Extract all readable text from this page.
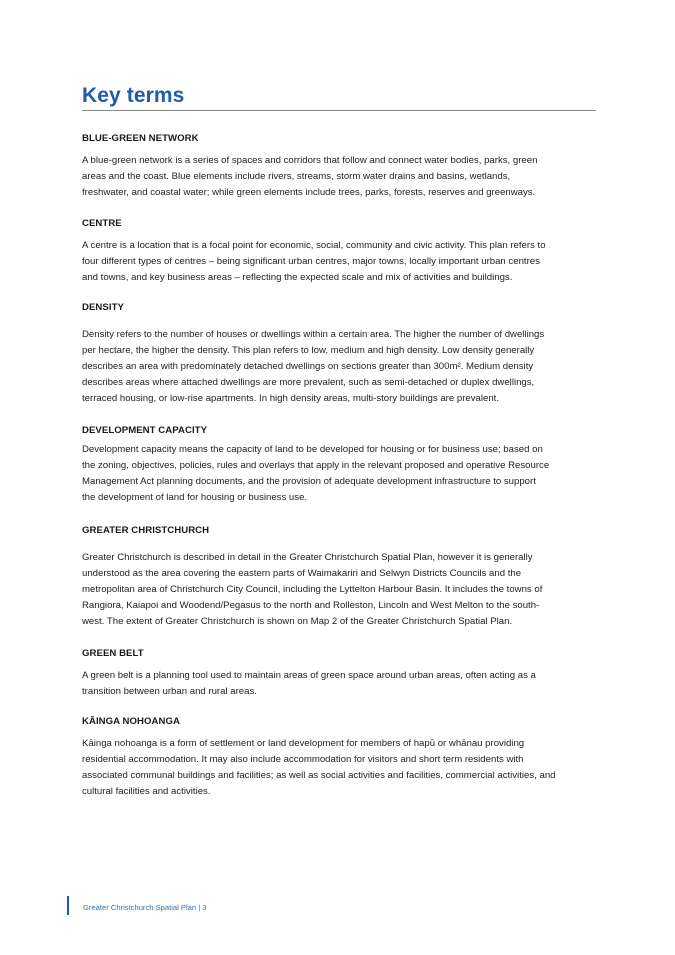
Key terms
BLUE-GREEN NETWORK
A blue-green network is a series of spaces and corridors that follow and connect water bodies, parks, green
areas and the coast. Blue elements include rivers, streams, storm water drains and basins, wetlands,
freshwater, and coastal water; while green elements include trees, parks, forests, reserves and greenways.
CENTRE
A centre is a location that is a focal point for economic, social, community and civic activity. This plan refers to
four different types of centres – being significant urban centres, major towns, locally important urban centres
and towns, and key business areas – reflecting the expected scale and mix of activities and buildings.
DENSITY
Density refers to the number of houses or dwellings within a certain area. The higher the number of dwellings
per hectare, the higher the density. This plan refers to low, medium and high density. Low density generally
describes an area with predominately detached dwellings on sections greater than 300m². Medium density
describes areas where attached dwellings are more prevalent, such as semi-detached or duplex dwellings,
terraced housing, or low-rise apartments. In high density areas, multi-story buildings are prevalent.
DEVELOPMENT CAPACITY
Development capacity means the capacity of land to be developed for housing or for business use; based on
the zoning, objectives, policies, rules and overlays that apply in the relevant proposed and operative Resource
Management Act planning documents, and the provision of adequate development infrastructure to support
the development of land for housing or business use.
GREATER CHRISTCHURCH
Greater Christchurch is described in detail in the Greater Christchurch Spatial Plan, however it is generally
understood as the area covering the eastern parts of Waimakariri and Selwyn Districts Councils and the
metropolitan area of Christchurch City Council, including the Lyttelton Harbour Basin. It includes the towns of
Rangiora, Kaiapoi and Woodend/Pegasus to the north and Rolleston, Lincoln and West Melton to the south-
west. The extent of Greater Christchurch is shown on Map 2 of the Greater Christchurch Spatial Plan.
GREEN BELT
A green belt is a planning tool used to maintain areas of green space around urban areas, often acting as a
transition between urban and rural areas.
KĀINGA NOHOANGA
Kāinga nohoanga is a form of settlement or land development for members of hapū or whānau providing
residential accommodation. It may also include accommodation for visitors and short term residents with
associated communal buildings and facilities; as well as social activities and facilities, commercial activities, and
cultural facilities and activities.
Greater Christchurch Spatial Plan | 3
